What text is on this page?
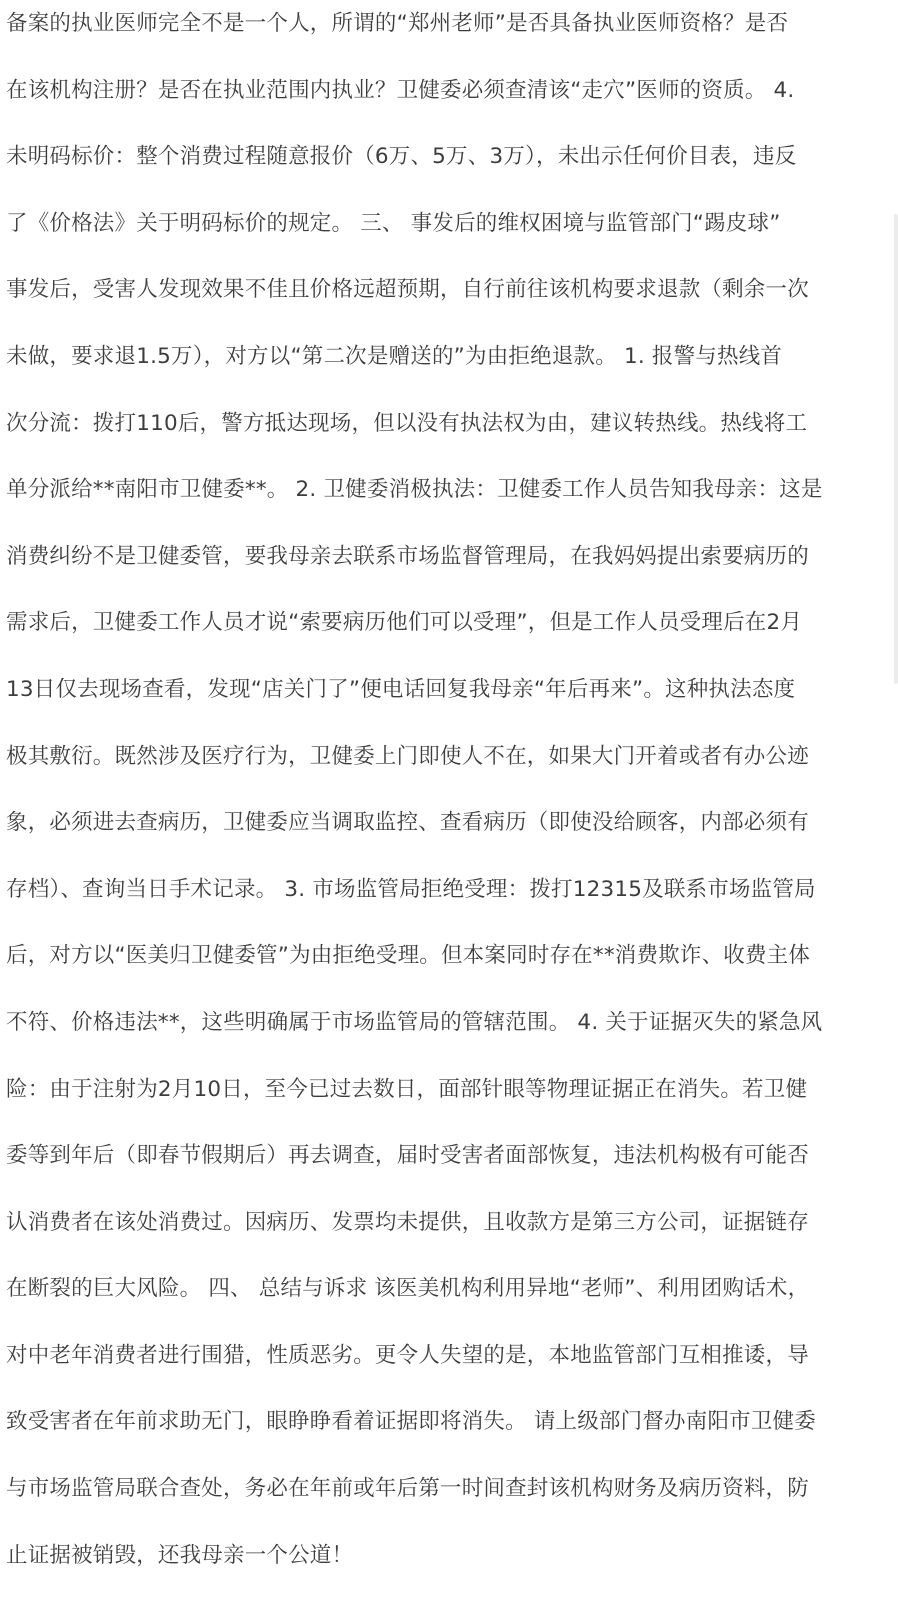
备案的执业医师完全不是一个人，所谓的“郑州老师”是否具备执业医师资格？是否
在该机构注册？是否在执业范围内执业？卫健委必须查清该“走穴”医师的资质。 4.
未明码标价：整个消费过程随意报价（6万、5万、3万），未出示任何价目表，违反
了《价格法》关于明码标价的规定。 三、 事发后的维权困境与监管部门“踢皮球”
事发后，受害人发现效果不佳且价格远超预期，自行前往该机构要求退款（剩余一次
未做，要求退1.5万），对方以“第二次是赠送的”为由拒绝退款。 1. 报警与热线首
次分流：拨打110后，警方抵达现场，但以没有执法权为由，建议转热线。热线将工
单分派给**南阳市卫健委**。 2. 卫健委消极执法：卫健委工作人员告知我母亲：这是
消费纠纷不是卫健委管，要我母亲去联系市场监督管理局，在我妈妈提出索要病历的
需求后，卫健委工作人员才说“索要病历他们可以受理”，但是工作人员受理后在2月
13日仅去现场查看，发现“店关门了”便电话回复我母亲“年后再来”。这种执法态度
极其敷衍。既然涉及医疗行为，卫健委上门即使人不在，如果大门开着或者有办公迹
象，必须进去查病历，卫健委应当调取监控、查看病历（即使没给顾客，内部必须有
存档）、查询当日手术记录。 3. 市场监管局拒绝受理：拨打12315及联系市场监管局
后，对方以“医美归卫健委管”为由拒绝受理。但本案同时存在**消费欺诈、收费主体
不符、价格违法**，这些明确属于市场监管局的管辖范围。 4. 关于证据灭失的紧急风
险：由于注射为2月10日，至今已过去数日，面部针眼等物理证据正在消失。若卫健
委等到年后（即春节假期后）再去调查，届时受害者面部恢复，违法机构极有可能否
认消费者在该处消费过。因病历、发票均未提供，且收款方是第三方公司，证据链存
在断裂的巨大风险。 四、 总结与诉求 该医美机构利用异地“老师”、利用团购话术，
对中老年消费者进行围猎，性质恶劣。更令人失望的是，本地监管部门互相推诿，导
致受害者在年前求助无门，眼睁睁看着证据即将消失。 请上级部门督办南阳市卫健委
与市场监管局联合查处，务必在年前或年后第一时间查封该机构财务及病历资料，防
止证据被销毁，还我母亲一个公道！
